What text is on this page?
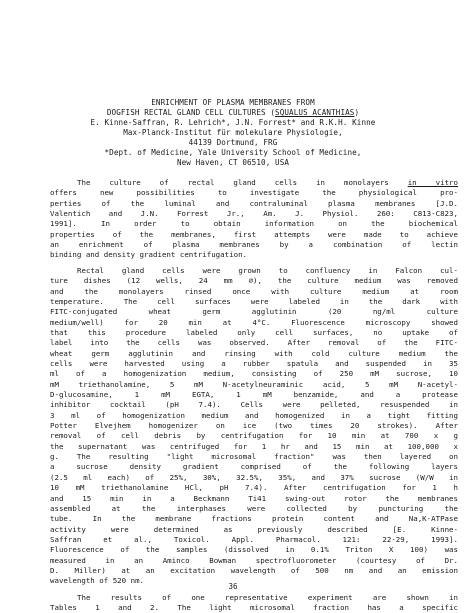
ENRICHMENT OF PLASMA MEMBRANES FROM
DOGFISH RECTAL GLAND CELL CULTURES (SQUALUS ACANTHIAS)
E. Kinne-Saffran, R. Lehrich*, J.N. Forrest* and R.K.H. Kinne
Max-Planck-Institut für molekulare Physiologie,
44139 Dortmund, FRG
*Dept. of Medicine, Yale University School of Medicine,
New Haven, CT 06510, USA
The culture of rectal gland cells in monolayers in vitro
offers new possibilities to investigate the physiological pro-
perties of the luminal and contraluminal plasma membranes [J.D.
Valentich and J.N. Forrest Jr., Am. J. Physiol. 260: C813-C823,
1991]. In order to obtain information on the biochemical
properties of the membranes, first attempts were made to achieve
an enrichment of plasma membranes by a combination of lectin
binding and density gradient centrifugation.
Rectal gland cells were grown to confluency in Falcon cul-
ture dishes (12 wells, 24 mm ⌀), the culture medium was removed
and the monolayers rinsed once with culture medium at room
temperature. The cell surfaces were labeled in the dark with
FITC-conjugated wheat germ agglutinin (20 ng/ml culture
medium/well) for 20 min at 4°C. Fluorescence microscopy showed
that this procedure labeled only cell surfaces, no uptake of
label into the cells was observed. After removal of the FITC-
wheat germ agglutinin and rinsing with cold culture medium the
cells were harvested using a rubber spatula and suspended in 35
ml of a homogenization medium, consisting of 250 mM sucrose, 10
mM triethanolamine, 5 mM N-acetylneuraminic acid, 5 mM N-acetyl-
D-glucosamine, 1 mM EGTA, 1 mM benzamide, and a protease
inhibitor cocktail (pH 7.4). Cells were pelleted, resuspended in
3 ml of homogenization medium and homogenized in a tight fitting
Potter Elvejhem homogenizer on ice (two times 20 strokes). After
removal of cell debris by centrifugation for 10 min at 700 x g
the supernatant was centrifuged for 1 hr and 15 min at 100,000 x
g. The resulting "light microsomal fraction" was then layered on
a sucrose density gradient comprised of the following layers
(2.5 ml each) of 25%, 30%, 32.5%, 35%, and 37% sucrose (W/W in
10 mM triethanolamine HCl, pH 7.4). After centrifugation for 1 h
and 15 min in a Beckmann Ti41 swing-out rotor the membranes
assembled at the interphases were collected by puncturing the
tube. In the membrane fractions protein content and Na,K-ATPase
activity were determined as previously described [E. Kinne-
Saffran et al., Toxicol. Appl. Pharmacol. 121: 22-29, 1993].
Fluorescence of the samples (dissolved in 0.1% Triton X 100) was
measured in an Aminco Bowman spectrofluorometer (courtesy of Dr.
D. Miller) at an excitation wavelength of 500 nm and an emission
wavelength of 520 nm.
The results of one representative experiment are shown in
Tables 1 and 2. The light microsomal fraction has a specific
36
